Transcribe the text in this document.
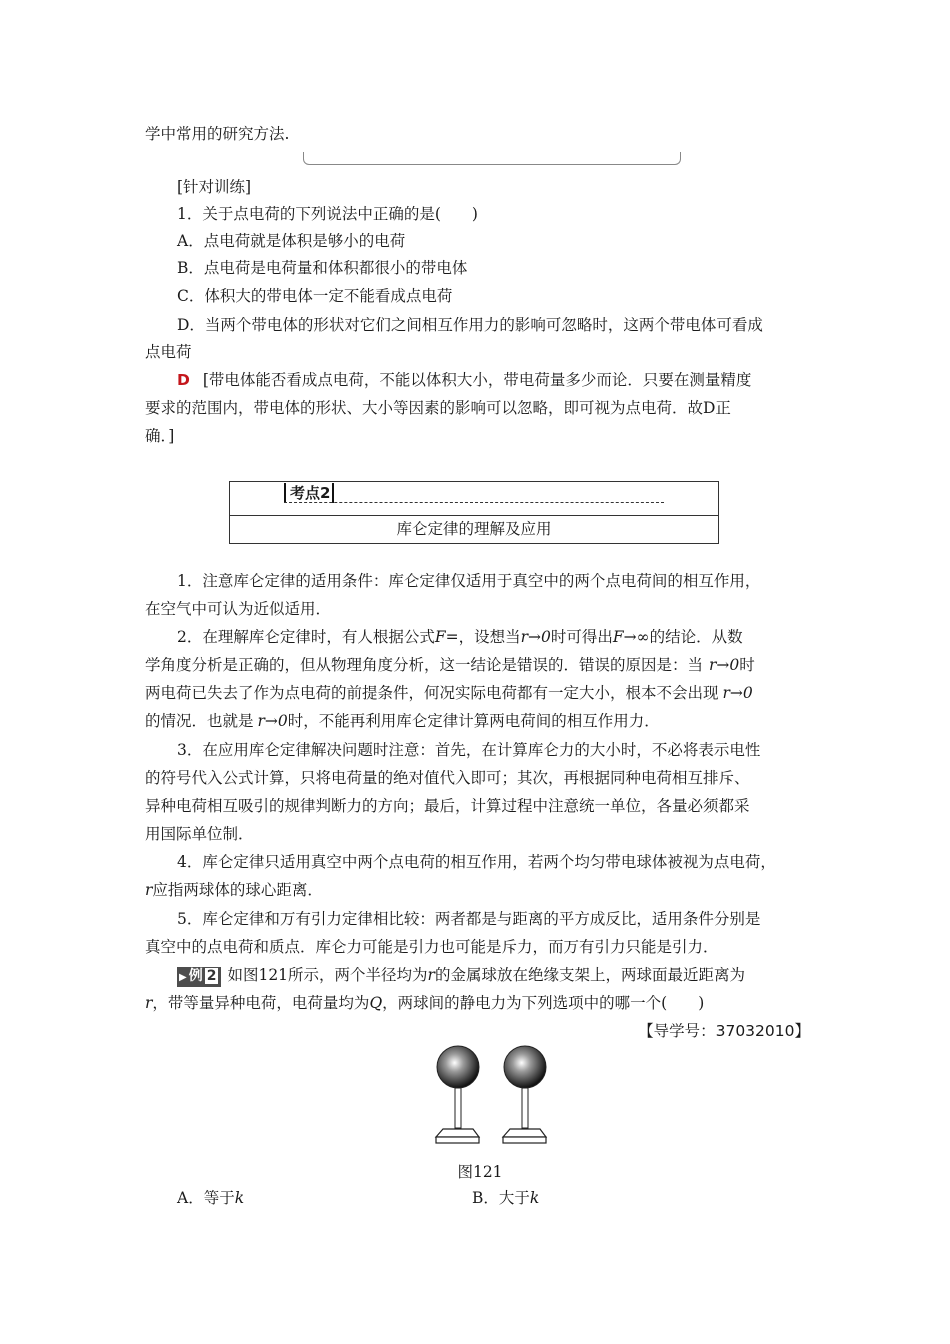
学中常用的研究方法.
[针对训练]
1．关于点电荷的下列说法中正确的是(　　)
A．点电荷就是体积是够小的电荷
B．点电荷是电荷量和体积都很小的带电体
C．体积大的带电体一定不能看成点电荷
D．当两个带电体的形状对它们之间相互作用力的影响可忽略时，这两个带电体可看成
点电荷
D [带电体能否看成点电荷，不能以体积大小，带电荷量多少而论．只要在测量精度
要求的范围内，带电体的形状、大小等因素的影响可以忽略，即可视为点电荷．故D正
确．]
考点2
库仑定律的理解及应用
1．注意库仑定律的适用条件：库仑定律仅适用于真空中的两个点电荷间的相互作用，
在空气中可认为近似适用．
2．在理解库仑定律时，有人根据公式F=，设想当r→0时可得出F→∞的结论．从数
学角度分析是正确的，但从物理角度分析，这一结论是错误的．错误的原因是：当 r→0时
两电荷已失去了作为点电荷的前提条件，何况实际电荷都有一定大小，根本不会出现 r→0
的情况．也就是 r→0时，不能再利用库仑定律计算两电荷间的相互作用力．
3．在应用库仑定律解决问题时注意：首先，在计算库仑力的大小时，不必将表示电性
的符号代入公式计算，只将电荷量的绝对值代入即可；其次，再根据同种电荷相互排斥、
异种电荷相互吸引的规律判断力的方向；最后，计算过程中注意统一单位，各量必须都采
用国际单位制．
4．库仑定律只适用真空中两个点电荷的相互作用，若两个均匀带电球体被视为点电荷，
r应指两球体的球心距离．
5．库仑定律和万有引力定律相比较：两者都是与距离的平方成反比，适用条件分别是
真空中的点电荷和质点．库仑力可能是引力也可能是斥力，而万有引力只能是引力．
▶ 例 2 如图121所示，两个半径均为r的金属球放在绝缘支架上，两球面最近距离为
r，带等量异种电荷，电荷量均为Q，两球间的静电力为下列选项中的哪一个(　　)
【导学号：37032010】
图121
A．等于k	B．大于k
